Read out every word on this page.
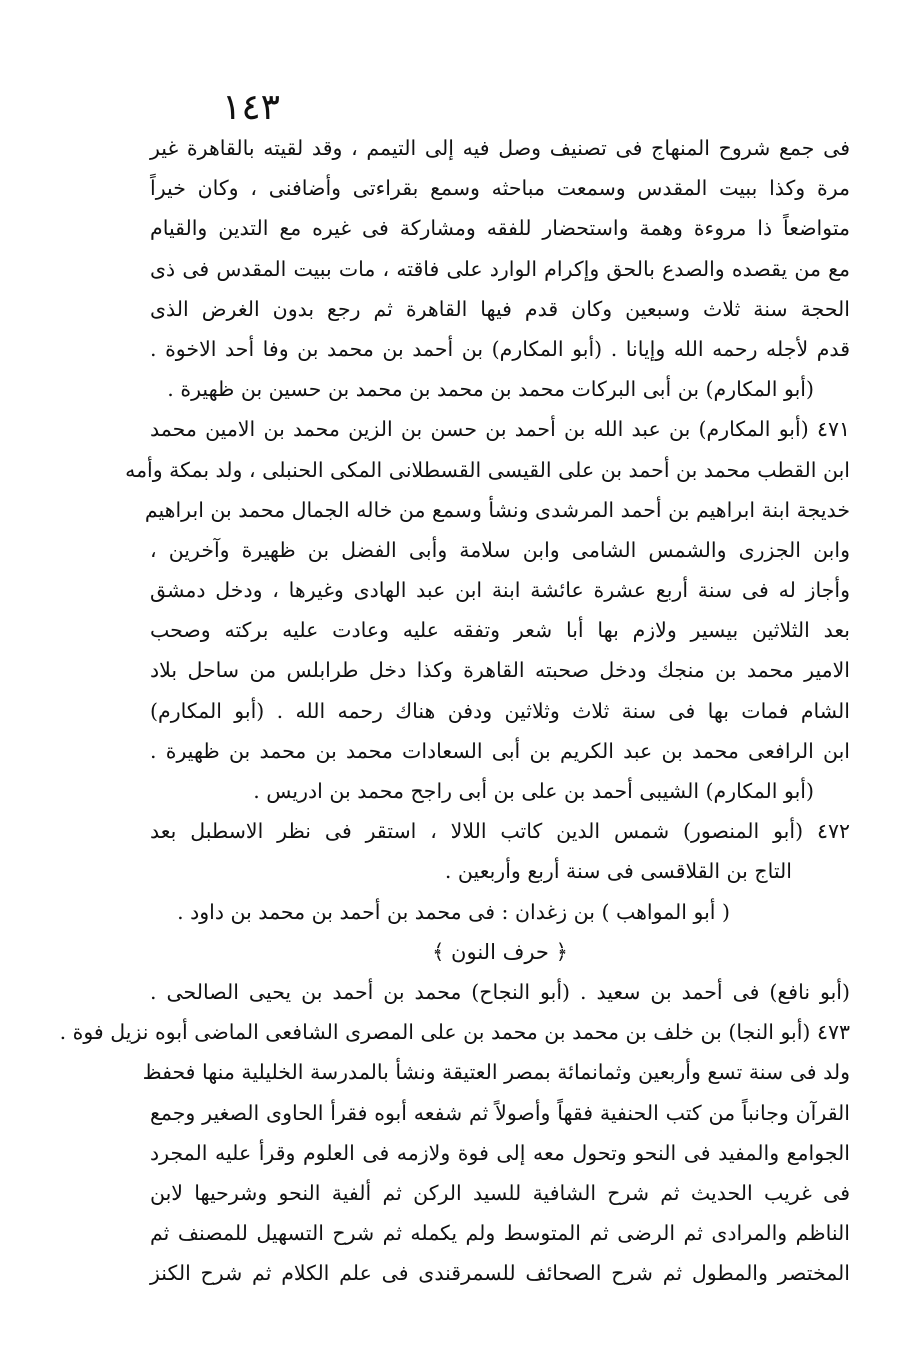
١٤٣
فى جمع شروح المنهاج فى تصنيف وصل فيه إلى التيمم ، وقد لقيته بالقاهرة غير
مرة وكذا ببيت المقدس وسمعت مباحثه وسمع بقراءتى وأضافنى ، وكان خيراً
متواضعاً ذا مروءة وهمة واستحضار للفقه ومشاركة فى غيره مع التدين والقيام
مع من يقصده والصدع بالحق وإكرام الوارد على فاقته ، مات ببيت المقدس فى ذى
الحجة سنة ثلاث وسبعين وكان قدم فيها القاهرة ثم رجع بدون الغرض الذى
قدم لأجله رحمه الله وإيانا . (أبو المكارم) بن أحمد بن محمد بن وفا أحد الاخوة .
(أبو المكارم) بن أبى البركات محمد بن محمد بن محمد بن حسين بن ظهيرة .
٤٧١ (أبو المكارم) بن عبد الله بن أحمد بن حسن بن الزين محمد بن الامين محمد
ابن القطب محمد بن أحمد بن على القيسى القسطلانى المكى الحنبلى ، ولد بمكة وأمه
خديجة ابنة ابراهيم بن أحمد المرشدى ونشأ وسمع من خاله الجمال محمد بن ابراهيم
وابن الجزرى والشمس الشامى وابن سلامة وأبى الفضل بن ظهيرة وآخرين ،
وأجاز له فى سنة أربع عشرة عائشة ابنة ابن عبد الهادى وغيرها ، ودخل دمشق
بعد الثلاثين بيسير ولازم بها أبا شعر وتفقه عليه وعادت عليه بركته وصحب
الامير محمد بن منجك ودخل صحبته القاهرة وكذا دخل طرابلس من ساحل بلاد
الشام فمات بها فى سنة ثلاث وثلاثين ودفن هناك رحمه الله . (أبو المكارم)
ابن الرافعى محمد بن عبد الكريم بن أبى السعادات محمد بن محمد بن ظهيرة .
(أبو المكارم) الشيبى أحمد بن على بن أبى راجح محمد بن ادريس .
٤٧٢ (أبو المنصور) شمس الدين كاتب اللالا ، استقر فى نظر الاسطبل بعد
التاج بن القلاقسى فى سنة أربع وأربعين .
( أبو المواهب ) بن زغدان : فى محمد بن أحمد بن محمد بن داود .
﴿ حرف النون ﴾
(أبو نافع) فى أحمد بن سعيد . (أبو النجاح) محمد بن أحمد بن يحيى الصالحى .
٤٧٣ (أبو النجا) بن خلف بن محمد بن محمد بن على المصرى الشافعى الماضى أبوه نزيل فوة .
ولد فى سنة تسع وأربعين وثمانمائة بمصر العتيقة ونشأ بالمدرسة الخليلية منها فحفظ
القرآن وجانباً من كتب الحنفية فقهاً وأصولاً ثم شفعه أبوه فقرأ الحاوى الصغير وجمع
الجوامع والمفيد فى النحو وتحول معه إلى فوة ولازمه فى العلوم وقرأ عليه المجرد
فى غريب الحديث ثم شرح الشافية للسيد الركن ثم ألفية النحو وشرحيها لابن
الناظم والمرادى ثم الرضى ثم المتوسط ولم يكمله ثم شرح التسهيل للمصنف ثم
المختصر والمطول ثم شرح الصحائف للسمرقندى فى علم الكلام ثم شرح الكنز
